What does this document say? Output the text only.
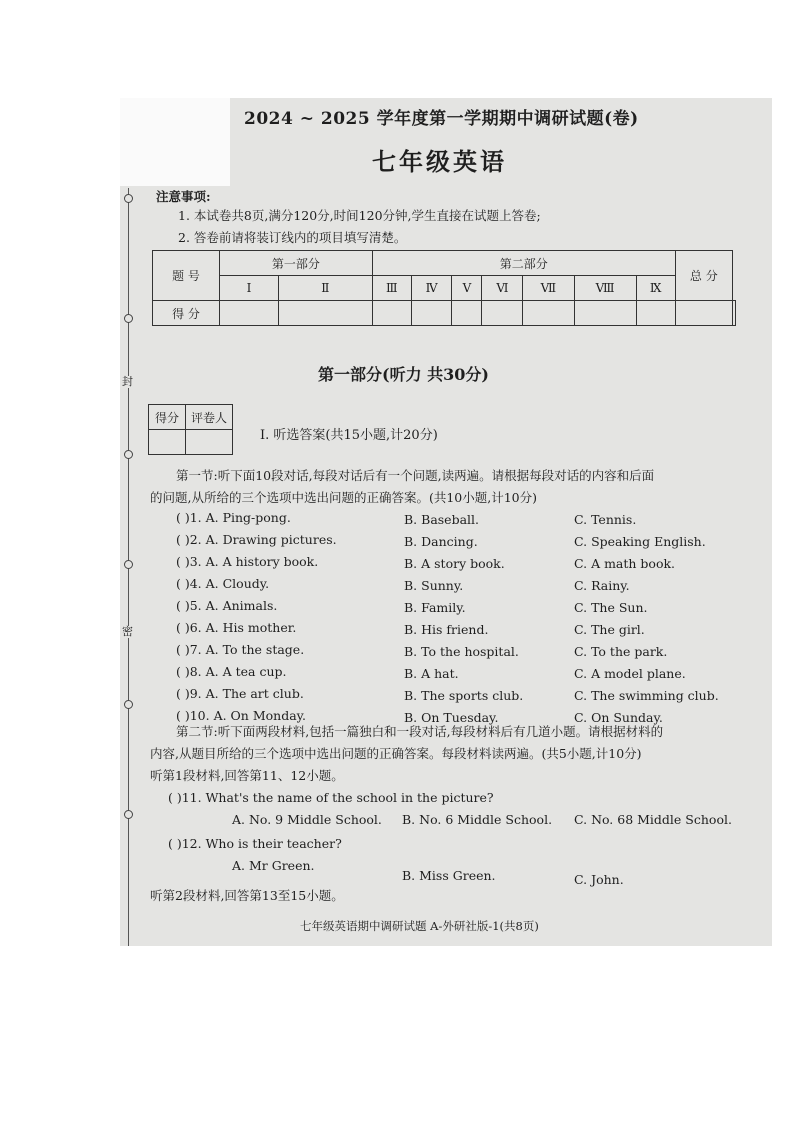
封
密
2024 ~ 2025 学年度第一学期期中调研试题(卷)
七年级英语
注意事项:
1. 本试卷共8页,满分120分,时间120分钟,学生直接在试题上答卷;
2. 答卷前请将装订线内的项目填写清楚。
题 号	第一部分		第二部分							总 分	
	Ⅰ	Ⅱ	Ⅲ	Ⅳ	Ⅴ	Ⅵ	Ⅶ	Ⅷ	Ⅸ		
得 分											
第一部分(听力 共30分)
得分	评卷人

Ⅰ. 听选答案(共15小题,计20分)
第一节:听下面10段对话,每段对话后有一个问题,读两遍。请根据每段对话的内容和后面
的问题,从所给的三个选项中选出问题的正确答案。(共10小题,计10分)
( )1. A. Ping-pong.	B. Baseball.	C. Tennis.
( )2. A. Drawing pictures.	B. Dancing.	C. Speaking English.
( )3. A. A history book.	B. A story book.	C. A math book.
( )4. A. Cloudy.	B. Sunny.	C. Rainy.
( )5. A. Animals.	B. Family.	C. The Sun.
( )6. A. His mother.	B. His friend.	C. The girl.
( )7. A. To the stage.	B. To the hospital.	C. To the park.
( )8. A. A tea cup.	B. A hat.	C. A model plane.
( )9. A. The art club.	B. The sports club.	C. The swimming club.
( )10. A. On Monday.	B. On Tuesday.	C. On Sunday.
第二节:听下面两段材料,包括一篇独白和一段对话,每段材料后有几道小题。请根据材料的
内容,从题目所给的三个选项中选出问题的正确答案。每段材料读两遍。(共5小题,计10分)
听第1段材料,回答第11、12小题。
( )11. What's the name of the school in the picture?
A. No. 9 Middle School. B. No. 6 Middle School. C. No. 68 Middle School.
( )12. Who is their teacher?
A. Mr Green.
B. Miss Green.	C. John.
听第2段材料,回答第13至15小题。
七年级英语期中调研试题 A-外研社版-1(共8页)
